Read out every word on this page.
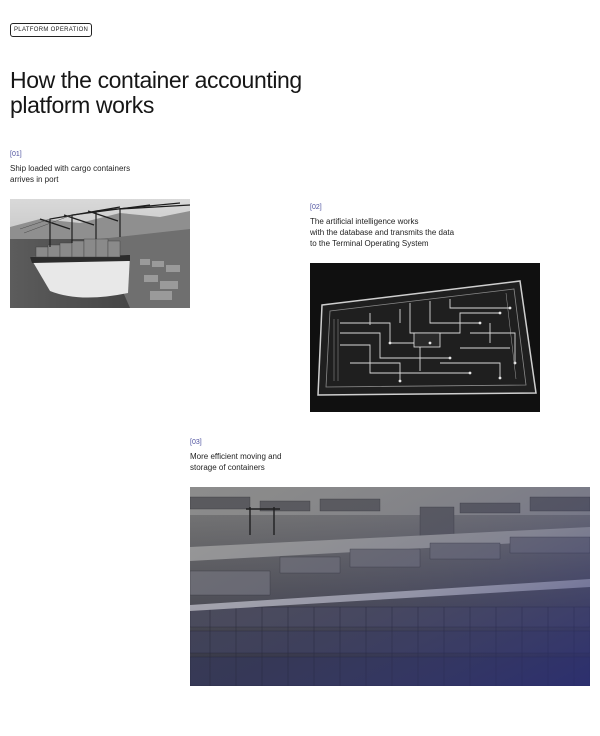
PLATFORM OPERATION
How the container accounting
platform works
[01]

Ship loaded with cargo containers
arrives in port

[02]

The artificial intelligence works
with the database and transmits the data
to the Terminal Operating System

[03]

More efficient moving and
storage of containers
